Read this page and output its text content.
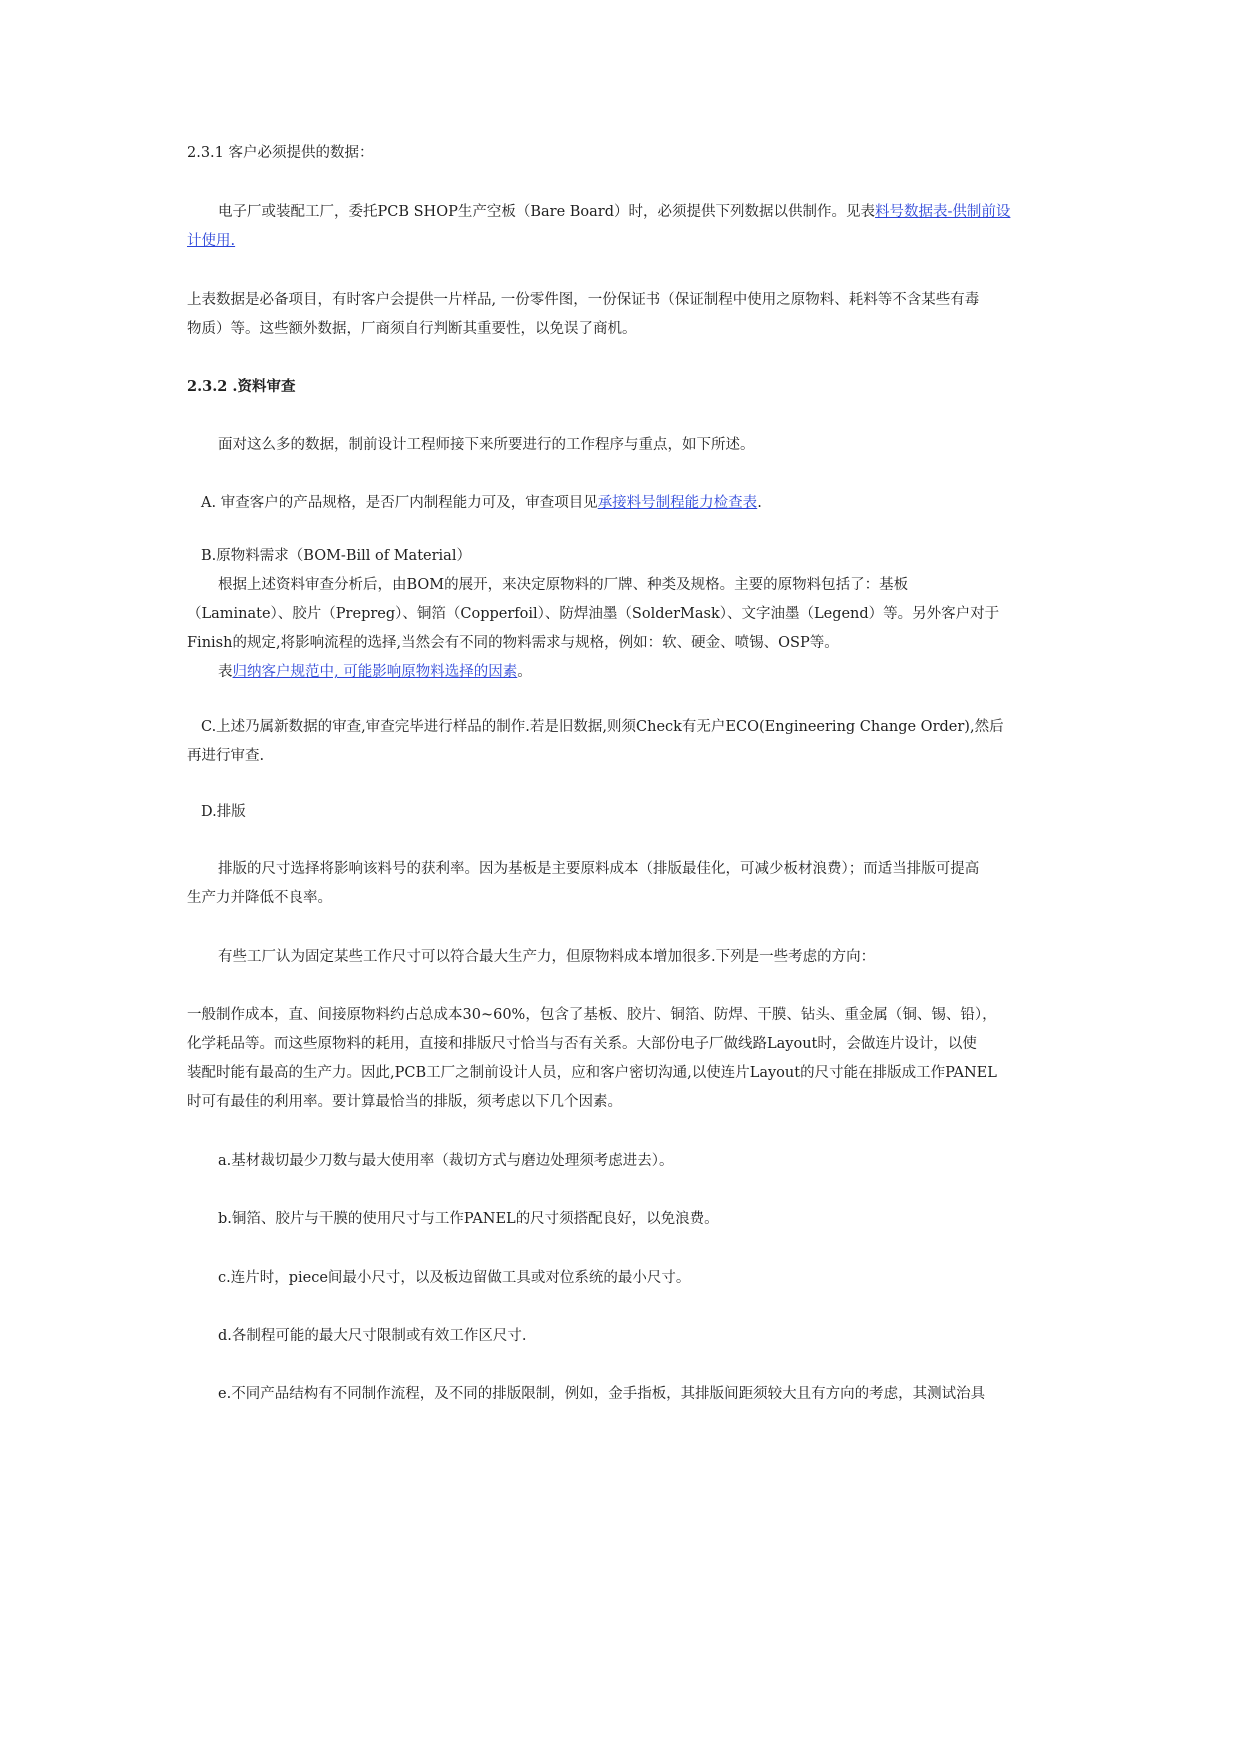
2.3.1 客户必须提供的数据：
电子厂或装配工厂，委托PCB SHOP生产空板（Bare Board）时，必须提供下列数据以供制作。见表料号数据表-供制前设
计使用.
上表数据是必备项目，有时客户会提供一片样品, 一份零件图，一份保证书（保证制程中使用之原物料、耗料等不含某些有毒
物质）等。这些额外数据，厂商须自行判断其重要性，以免误了商机。
2.3.2 .资料审查
面对这么多的数据，制前设计工程师接下来所要进行的工作程序与重点，如下所述。
A. 审查客户的产品规格，是否厂内制程能力可及，审查项目见承接料号制程能力检查表.
B.原物料需求（BOM-Bill of Material）
根据上述资料审查分析后，由BOM的展开，来决定原物料的厂牌、种类及规格。主要的原物料包括了：基板
（Laminate）、胶片（Prepreg）、铜箔（Copperfoil）、防焊油墨（SolderMask）、文字油墨（Legend）等。另外客户对于
Finish的规定,将影响流程的选择,当然会有不同的物料需求与规格，例如：软、硬金、喷锡、OSP等。
表归纳客户规范中, 可能影响原物料选择的因素。
C.上述乃属新数据的审查,审查完毕进行样品的制作.若是旧数据,则须Check有无户ECO(Engineering Change Order),然后
再进行审查.
D.排版
排版的尺寸选择将影响该料号的获利率。因为基板是主要原料成本（排版最佳化，可减少板材浪费）；而适当排版可提高
生产力并降低不良率。
有些工厂认为固定某些工作尺寸可以符合最大生产力，但原物料成本增加很多.下列是一些考虑的方向：
一般制作成本，直、间接原物料约占总成本30~60%，包含了基板、胶片、铜箔、防焊、干膜、钻头、重金属（铜、锡、铅），
化学耗品等。而这些原物料的耗用，直接和排版尺寸恰当与否有关系。大部份电子厂做线路Layout时，会做连片设计，以使
装配时能有最高的生产力。因此,PCB工厂之制前设计人员，应和客户密切沟通,以使连片Layout的尺寸能在排版成工作PANEL
时可有最佳的利用率。要计算最恰当的排版，须考虑以下几个因素。
a.基材裁切最少刀数与最大使用率（裁切方式与磨边处理须考虑进去）。
b.铜箔、胶片与干膜的使用尺寸与工作PANEL的尺寸须搭配良好，以免浪费。
c.连片时，piece间最小尺寸，以及板边留做工具或对位系统的最小尺寸。
d.各制程可能的最大尺寸限制或有效工作区尺寸.
e.不同产品结构有不同制作流程，及不同的排版限制，例如，金手指板，其排版间距须较大且有方向的考虑，其测试治具
